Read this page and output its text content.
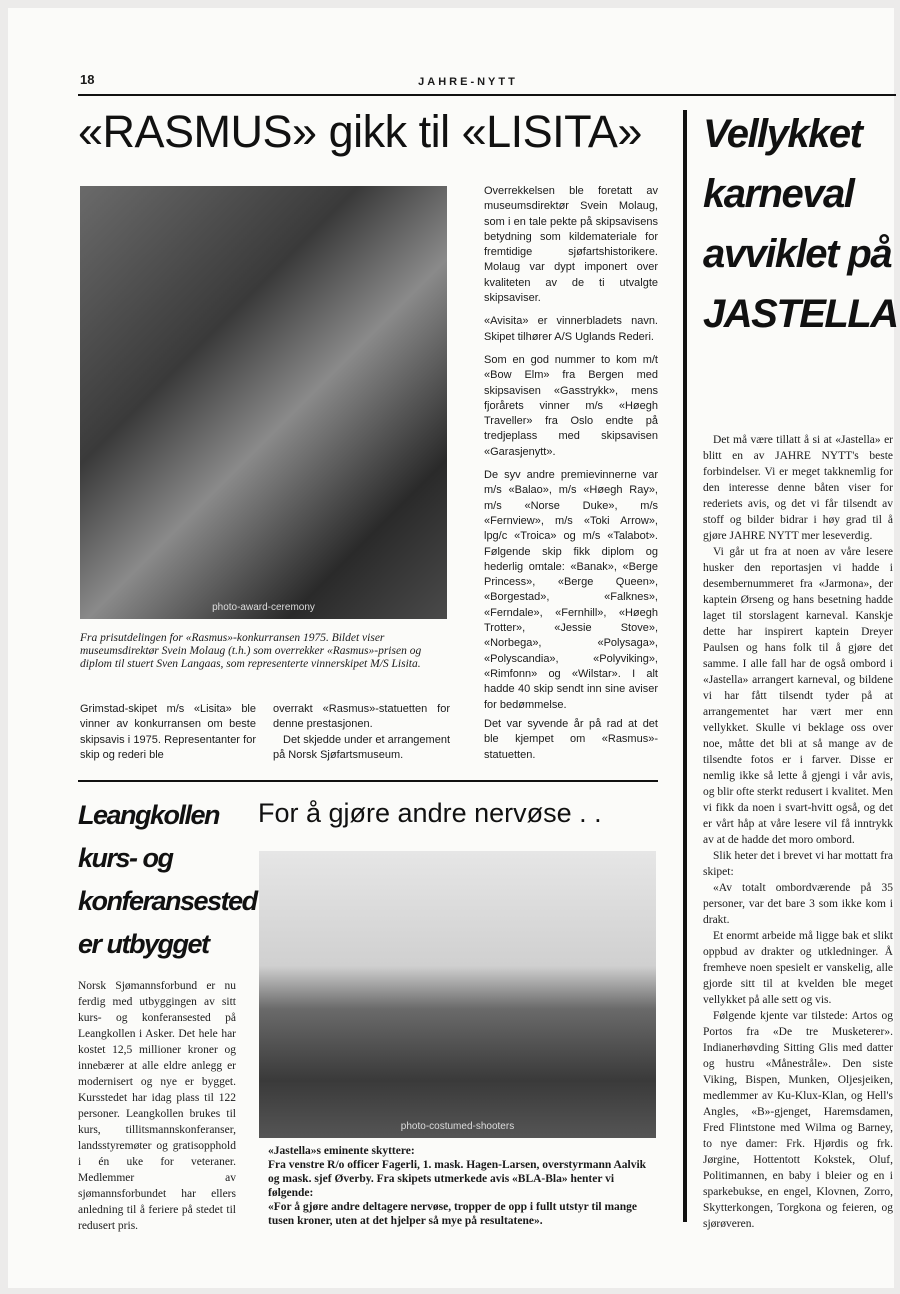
18	JAHRE-NYTT
«RASMUS» gikk til «LISITA»
photo-award-ceremony
Fra prisutdelingen for «Rasmus»-konkurransen 1975. Bildet viser museumsdirektør Svein Molaug (t.h.) som overrekker «Rasmus»-prisen og diplom til stuert Sven Langaas, som representerte vinnerskipet M/S Lisita.

Grimstad-skipet m/s «Lisita» ble vinner av konkurransen om beste skipsavis i 1975. Representanter for skip og rederi ble

overrakt «Rasmus»-statuetten for denne prestasjonen.

Det skjedde under et arrangement på Norsk Sjøfartsmuseum.

Overrekkelsen ble foretatt av museumsdirektør Svein Molaug, som i en tale pekte på skipsavisens betydning som kildemateriale for fremtidige sjøfartshistorikere. Molaug var dypt imponert over kvaliteten av de ti utvalgte skipsaviser.

«Avisita» er vinnerbladets navn. Skipet tilhører A/S Uglands Rederi.

Som en god nummer to kom m/t «Bow Elm» fra Bergen med skipsavisen «Gasstrykk», mens fjorårets vinner m/s «Høegh Traveller» fra Oslo endte på tredjeplass med skipsavisen «Garasjenytt».

De syv andre premievinnerne var m/s «Balao», m/s «Høegh Ray», m/s «Norse Duke», m/s «Fernview», m/s «Toki Arrow», lpg/c «Troica» og m/s «Talabot». Følgende skip fikk diplom og hederlig omtale: «Banak», «Berge Princess», «Berge Queen», «Borgestad», «Falknes», «Ferndale», «Fernhill», «Høegh Trotter», «Jessie Stove», «Norbega», «Polysaga», «Polyscandia», «Polyviking», «Rimfonn» og «Wilstar». I alt hadde 40 skip sendt inn sine aviser for bedømmelse.

Det var syvende år på rad at det ble kjempet om «Rasmus»-statuetten.

Leangkollen kurs- og konferansested er utbygget
Norsk Sjømannsforbund er nu ferdig med utbyggingen av sitt kurs- og konferansested på Leangkollen i Asker. Det hele har kostet 12,5 millioner kroner og innebærer at alle eldre anlegg er modernisert og nye er bygget. Kursstedet har idag plass til 122 personer. Leangkollen brukes til kurs, tillitsmannskonferanser, landsstyremøter og gratisopphold i én uke for veteraner. Medlemmer av sjømannsforbundet har ellers anledning til å feriere på stedet til redusert pris.
For å gjøre andre nervøse . .
photo-costumed-shooters

«Jastella»s eminente skyttere:

Fra venstre R/o officer Fagerli, 1. mask. Hagen-Larsen, overstyrmann Aalvik og mask. sjef Øverby. Fra skipets utmerkede avis «BLA-Bla» henter vi følgende:

«For å gjøre andre deltagere nervøse, tropper de opp i fullt utstyr til mange tusen kroner, uten at det hjelper så mye på resultatene».

Vellykket karneval avviklet på JASTELLA

Det må være tillatt å si at «Jastella» er blitt en av JAHRE NYTT's beste forbindelser. Vi er meget takknemlig for den interesse denne båten viser for rederiets avis, og det vi får tilsendt av stoff og bilder bidrar i høy grad til å gjøre JAHRE NYTT mer leseverdig.

Vi går ut fra at noen av våre lesere husker den reportasjen vi hadde i desembernummeret fra «Jarmona», der kaptein Ørseng og hans besetning hadde laget til storslagent karneval. Kanskje dette har inspirert kaptein Dreyer Paulsen og hans folk til å gjøre det samme. I alle fall har de også ombord i «Jastella» arrangert karneval, og bildene vi har fått tilsendt tyder på at arrangementet har vært mer enn vellykket. Skulle vi beklage oss over noe, måtte det bli at så mange av de tilsendte fotos er i farver. Disse er nemlig ikke så lette å gjengi i vår avis, og blir ofte sterkt redusert i kvalitet. Men vi fikk da noen i svart-hvitt også, og det er vårt håp at våre lesere vil få inntrykk av at de hadde det moro ombord.

Slik heter det i brevet vi har mottatt fra skipet:

«Av totalt ombordværende på 35 personer, var det bare 3 som ikke kom i drakt.

Et enormt arbeide må ligge bak et slikt oppbud av drakter og utkledninger. Å fremheve noen spesielt er vanskelig, alle gjorde sitt til at kvelden ble meget vellykket på alle sett og vis.

Følgende kjente var tilstede: Artos og Portos fra «De tre Musketerer». Indianerhøvding Sitting Glis med datter og hustru «Månestråle». Den siste Viking, Bispen, Munken, Oljesjeiken, medlemmer av Ku-Klux-Klan, og Hell's Angles, «B»-gjenget, Haremsdamen, Fred Flintstone med Wilma og Barney, to nye damer: Frk. Hjørdis og frk. Jørgine, Hottentott Kokstek, Oluf, Politimannen, en baby i bleier og en i sparkebukse, en engel, Klovnen, Zorro, Skytterkongen, Torgkona og feieren, og sjørøveren.
